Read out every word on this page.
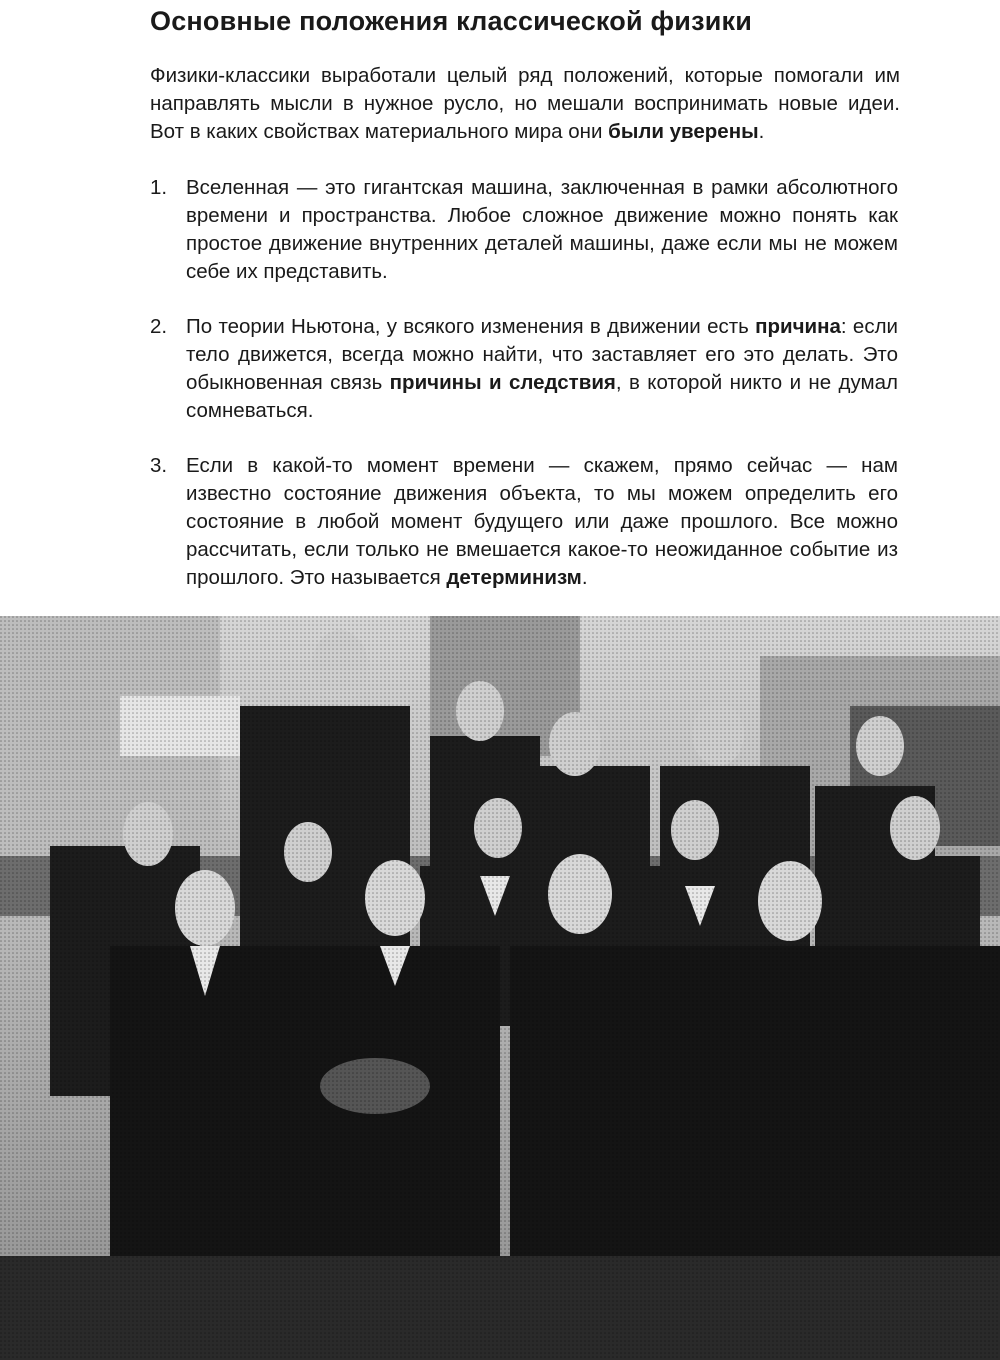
Основные положения классической физики

Физики-классики выработали целый ряд положений, которые помогали им направлять мысли в нужное русло, но мешали воспринимать новые идеи. Вот в каких свойствах материального мира они были уверены.

1. Вселенная — это гигантская машина, заключенная в рамки абсолютного времени и пространства. Любое сложное движение можно понять как простое движение внутренних деталей машины, даже если мы не можем себе их представить.
2. По теории Ньютона, у всякого изменения в движении есть причина: если тело движется, всегда можно найти, что заставляет его это делать. Это обыкновенная связь причины и следствия, в которой никто и не думал сомневаться.
3. Если в какой-то момент времени — скажем, прямо сейчас — нам известно состояние движения объекта, то мы можем определить его состояние в любой момент будущего или даже прошлого. Все можно рассчитать, если только не вмешается какое-то неожиданное событие из прошлого. Это называется детерминизм.
